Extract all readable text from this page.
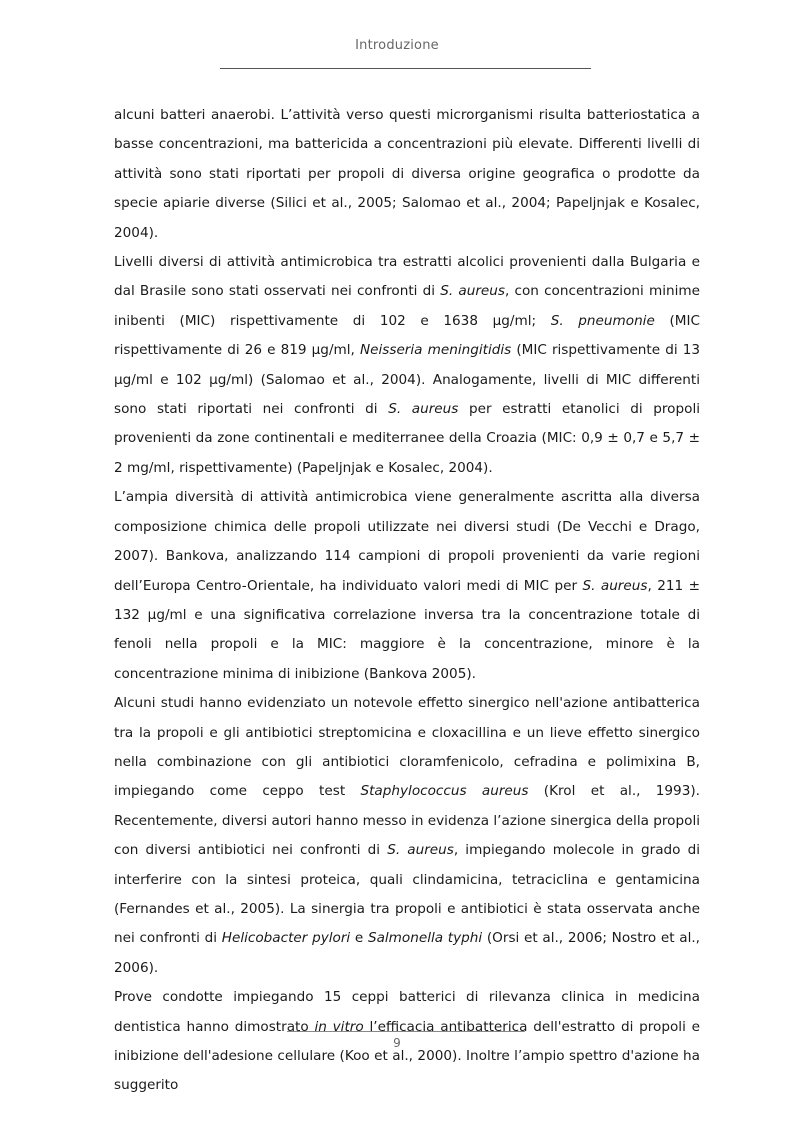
Introduzione

alcuni batteri anaerobi. L’attività verso questi microrganismi risulta batteriostatica a basse concentrazioni, ma battericida a concentrazioni più elevate. Differenti livelli di attività sono stati riportati per propoli di diversa origine geografica o prodotte da specie apiarie diverse (Silici et al., 2005; Salomao et al., 2004; Papeljnjak e Kosalec, 2004).

Livelli diversi di attività antimicrobica tra estratti alcolici provenienti dalla Bulgaria e dal Brasile sono stati osservati nei confronti di S. aureus, con concentrazioni minime inibenti (MIC) rispettivamente di 102 e 1638 µg/ml; S. pneumonie (MIC rispettivamente di 26 e 819 µg/ml, Neisseria meningitidis (MIC rispettivamente di 13 µg/ml e 102 µg/ml) (Salomao et al., 2004). Analogamente, livelli di MIC differenti sono stati riportati nei confronti di S. aureus per estratti etanolici di propoli provenienti da zone continentali e mediterranee della Croazia (MIC: 0,9 ± 0,7 e 5,7 ± 2 mg/ml, rispettivamente) (Papeljnjak e Kosalec, 2004).

L’ampia diversità di attività antimicrobica viene generalmente ascritta alla diversa composizione chimica delle propoli utilizzate nei diversi studi (De Vecchi e Drago, 2007). Bankova, analizzando 114 campioni di propoli provenienti da varie regioni dell’Europa Centro-Orientale, ha individuato valori medi di MIC per S. aureus, 211 ± 132 µg/ml e una significativa correlazione inversa tra la concentrazione totale di fenoli nella propoli e la MIC: maggiore è la concentrazione, minore è la concentrazione minima di inibizione (Bankova 2005).

Alcuni studi hanno evidenziato un notevole effetto sinergico nell'azione antibatterica tra la propoli e gli antibiotici streptomicina e cloxacillina e un lieve effetto sinergico nella combinazione con gli antibiotici cloramfenicolo, cefradina e polimixina B, impiegando come ceppo test Staphylococcus aureus (Krol et al., 1993). Recentemente, diversi autori hanno messo in evidenza l’azione sinergica della propoli con diversi antibiotici nei confronti di S. aureus, impiegando molecole in grado di interferire con la sintesi proteica, quali clindamicina, tetraciclina e gentamicina (Fernandes et al., 2005). La sinergia tra propoli e antibiotici è stata osservata anche nei confronti di Helicobacter pylori e Salmonella typhi (Orsi et al., 2006; Nostro et al., 2006).

Prove condotte impiegando 15 ceppi batterici di rilevanza clinica in medicina dentistica hanno dimostrato in vitro l’efficacia antibatterica dell'estratto di propoli e inibizione dell'adesione cellulare (Koo et al., 2000). Inoltre l’ampio spettro d'azione ha suggerito

9
